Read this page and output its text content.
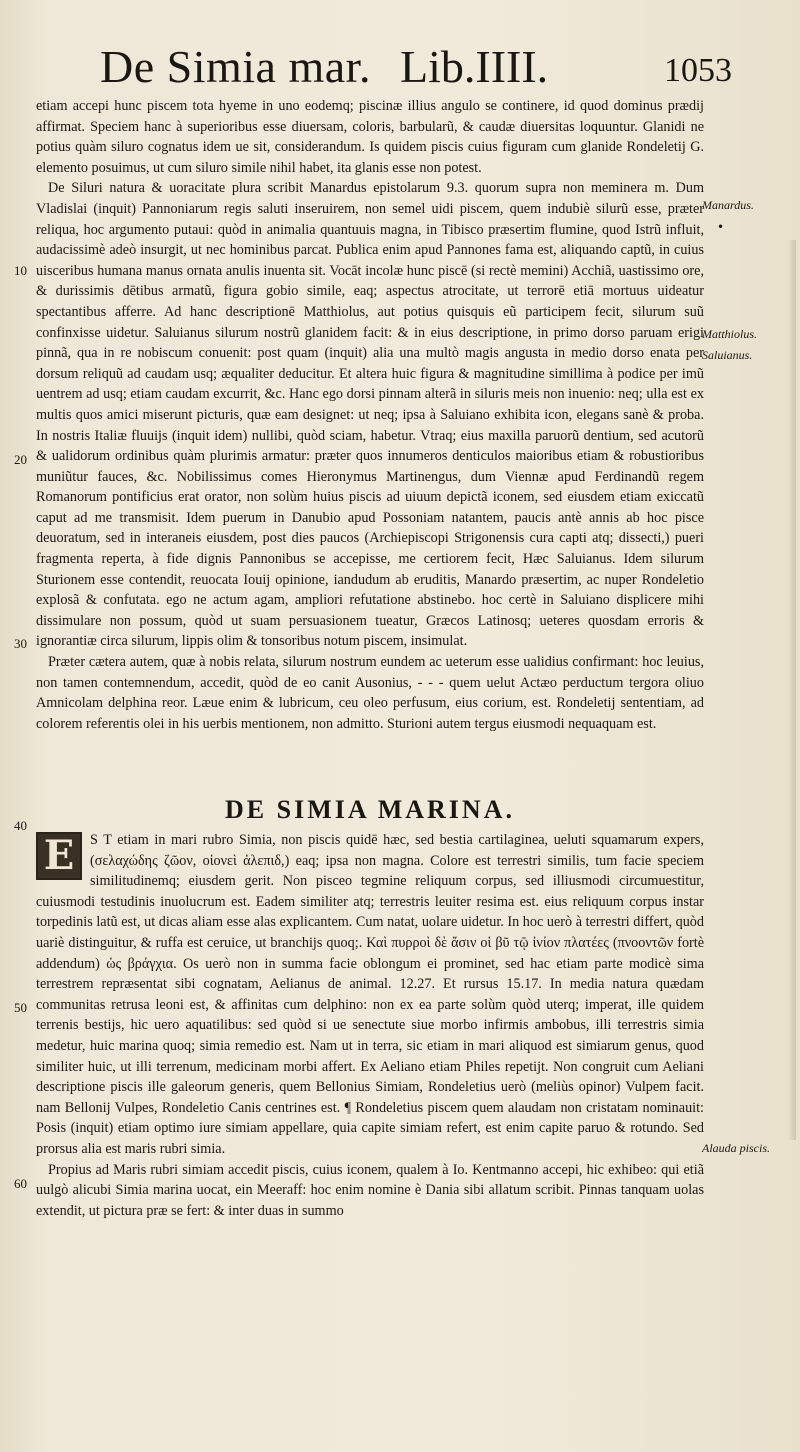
De Simia mar. Lib.IIII.	1053

etiam accepi hunc piscem tota hyeme in uno eodemq; piscinæ illius angulo se continere, id quod dominus prædij affirmat. Speciem hanc à superioribus esse diuersam, coloris, barbularũ, & caudæ diuersitas loquuntur. Glanidi ne potius quàm siluro cognatus idem ue sit, considerandum. Is quidem piscis cuius figuram cum glanide Rondeletij G. elemento posuimus, ut cum siluro simile nihil habet, ita glanis esse non potest.

De Siluri natura & uoracitate plura scribit Manardus epistolarum 9.3. quorum supra non meminera m. Dum Vladislai (inquit) Pannoniarum regis saluti inseruirem, non semel uidi piscem, quem indubiè silurũ esse, præter reliqua, hoc argumento putaui: quòd in animalia quantuuis magna, in Tibisco præsertim flumine, quod Istrũ influit, audacissimè adeò insurgit, ut nec hominibus parcat. Publica enim apud Pannones fama est, aliquando captũ, in cuius uisceribus humana manus ornata anulis inuenta sit. Vocāt incolæ hunc piscē (si rectè memini) Acchiã, uastissimo ore, & durissimis dētibus armatũ, figura gobio simile, eaq; aspectus atrocitate, ut terrorē etiā mortuus uideatur spectantibus afferre. Ad hanc descriptionē Matthiolus, aut potius quisquis eũ participem fecit, silurum suũ confinxisse uidetur. Saluianus silurum nostrũ glanidem facit: & in eius descriptione, in primo dorso paruam erigi pinnã, qua in re nobiscum conuenit: post quam (inquit) alia una multò magis angusta in medio dorso enata per dorsum reliquũ ad caudam usq; æqualiter deducitur. Et altera huic figura & magnitudine simillima à podice per imũ uentrem ad usq; etiam caudam excurrit, &c. Hanc ego dorsi pinnam alterã in siluris meis non inuenio: neq; ulla est ex multis quos amici miserunt picturis, quæ eam designet: ut neq; ipsa à Saluiano exhibita icon, elegans sanè & proba. In nostris Italiæ fluuijs (inquit idem) nullibi, quòd sciam, habetur. Vtraq; eius maxilla paruorũ dentium, sed acutorũ & ualidorum ordinibus quàm plurimis armatur: præter quos innumeros denticulos maioribus etiam & robustioribus muniũtur fauces, &c. Nobilissimus comes Hieronymus Martinengus, dum Viennæ apud Ferdinandũ regem Romanorum pontificius erat orator, non solùm huius piscis ad uiuum depictã iconem, sed eiusdem etiam exiccatũ caput ad me transmisit. Idem puerum in Danubio apud Possoniam natantem, paucis antè annis ab hoc pisce deuoratum, sed in interaneis eiusdem, post dies paucos (Archiepiscopi Strigonensis cura capti atq; dissecti,) pueri fragmenta reperta, à fide dignis Pannonibus se accepisse, me certiorem fecit, Hæc Saluianus. Idem silurum Sturionem esse contendit, reuocata Iouij opinione, iandudum ab eruditis, Manardo præsertim, ac nuper Rondeletio explosã & confutata. ego ne actum agam, ampliori refutatione abstinebo. hoc certè in Saluiano displicere mihi dissimulare non possum, quòd ut suam persuasionem tueatur, Græcos Latinosq; ueteres quosdam erroris & ignorantiæ circa silurum, lippis olim & tonsoribus notum piscem, insimulat.

Præter cætera autem, quæ à nobis relata, silurum nostrum eundem ac ueterum esse ualidius confirmant: hoc leuius, non tamen contemnendum, accedit, quòd de eo canit Ausonius, - - - quem uelut Actæo perductum tergora oliuo Amnicolam delphina reor. Læue enim & lubricum, ceu oleo perfusum, eius corium, est. Rondeletij sententiam, ad colorem referentis olei in his uerbis mentionem, non admitto. Sturioni autem tergus eiusmodi nequaquam est.

DE SIMIA MARINA.
E	S T etiam in mari rubro Simia, non piscis quidē hæc, sed bestia cartilaginea, ueluti squamarum expers, (σελαχώδης ζῶον, οἱονεὶ ἀλεπιδ,) eaq; ipsa non magna. Colore est terrestri similis, tum facie speciem similitudinemq; eiusdem gerit. Non pisceo tegmine reliquum corpus, sed illiusmodi circumuestitur, cuiusmodi testudinis inuolucrum est. Eadem similiter atq; terrestris leuiter resima est. eius reliquum corpus instar torpedinis latũ est, ut dicas aliam esse alas explicantem. Cum natat, uolare uidetur. In hoc uerò à terrestri differt, quòd uariè distinguitur, & ruffa est ceruice, ut branchijs quoq;. Καὶ πυρροὶ δὲ ἄσιν οἱ βῦ τῷ ἰνίον πλατέες (πνοοντῶν fortè addendum) ὡς βράγχια. Os uerò non in summa facie oblongum ei prominet, sed hac etiam parte modicè sima terrestrem repræsentat sibi cognatam, Aelianus de animal. 12.27. Et rursus 15.17. In media natura quædam communitas retrusa leoni est, & affinitas cum delphino: non ex ea parte solùm quòd uterq; imperat, ille quidem terrenis bestijs, hic uero aquatilibus: sed quòd si ue senectute siue morbo infirmis ambobus, illi terrestris simia medetur, huic marina quoq; simia remedio est. Nam ut in terra, sic etiam in mari aliquod est simiarum genus, quod similiter huic, ut illi terrenum, medicinam morbi affert. Ex Aeliano etiam Philes repetijt. Non congruit cum Aeliani descriptione piscis ille galeorum generis, quem Bellonius Simiam, Rondeletius uerò (meliùs opinor) Vulpem facit. nam Bellonij Vulpes, Rondeletio Canis centrines est. ¶ Rondeletius piscem quem alaudam non cristatam nominauit: Posis (inquit) etiam optimo iure simiam appellare, quia capite simiam refert, est enim capite paruo & rotundo. Sed prorsus alia est maris rubri simia.

Propius ad Maris rubri simiam accedit piscis, cuius iconem, qualem à Io. Kentmanno accepi, hic exhibeo: qui etiã uulgò alicubi Simia marina uocat, ein Meeraff: hoc enim nomine è Dania sibi allatum scribit. Pinnas tanquam uolas extendit, ut pictura præ se fert: & inter duas in summo

10
20
30
40
50
60
Manardus.
•
Matthiolus.
Saluianus.
Alauda piscis.
